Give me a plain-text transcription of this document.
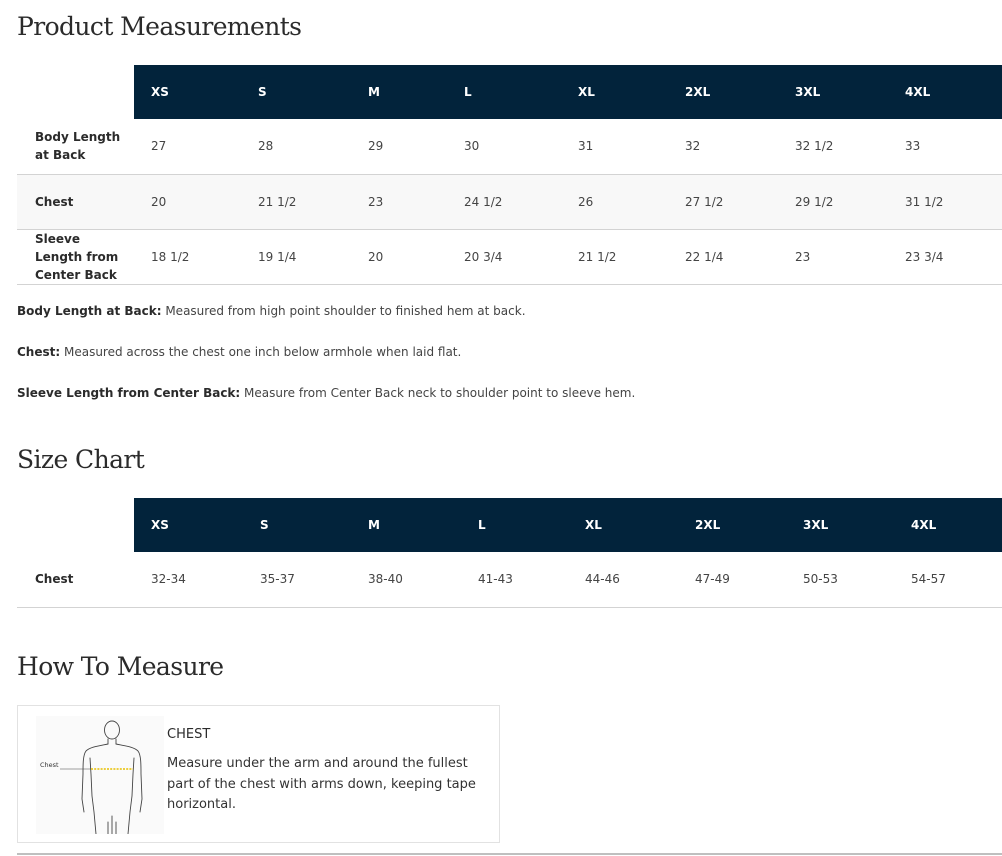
Product Measurements
	XS	S	M	L	XL	2XL	3XL	4XL
Body Length at Back	27	28	29	30	31	32	32 1/2	33
Chest	20	21 1/2	23	24 1/2	26	27 1/2	29 1/2	31 1/2
Sleeve Length from Center Back	18 1/2	19 1/4	20	20 3/4	21 1/2	22 1/4	23	23 3/4

Body Length at Back: Measured from high point shoulder to finished hem at back.

Chest: Measured across the chest one inch below armhole when laid flat.

Sleeve Length from Center Back: Measure from Center Back neck to shoulder point to sleeve hem.

Size Chart
	XS	S	M	L	XL	2XL	3XL	4XL
Chest	32-34	35-37	38-40	41-43	44-46	47-49	50-53	54-57
How To Measure
Chest
CHEST

Measure under the arm and around the fullest part of the chest with arms down, keeping tape horizontal.
